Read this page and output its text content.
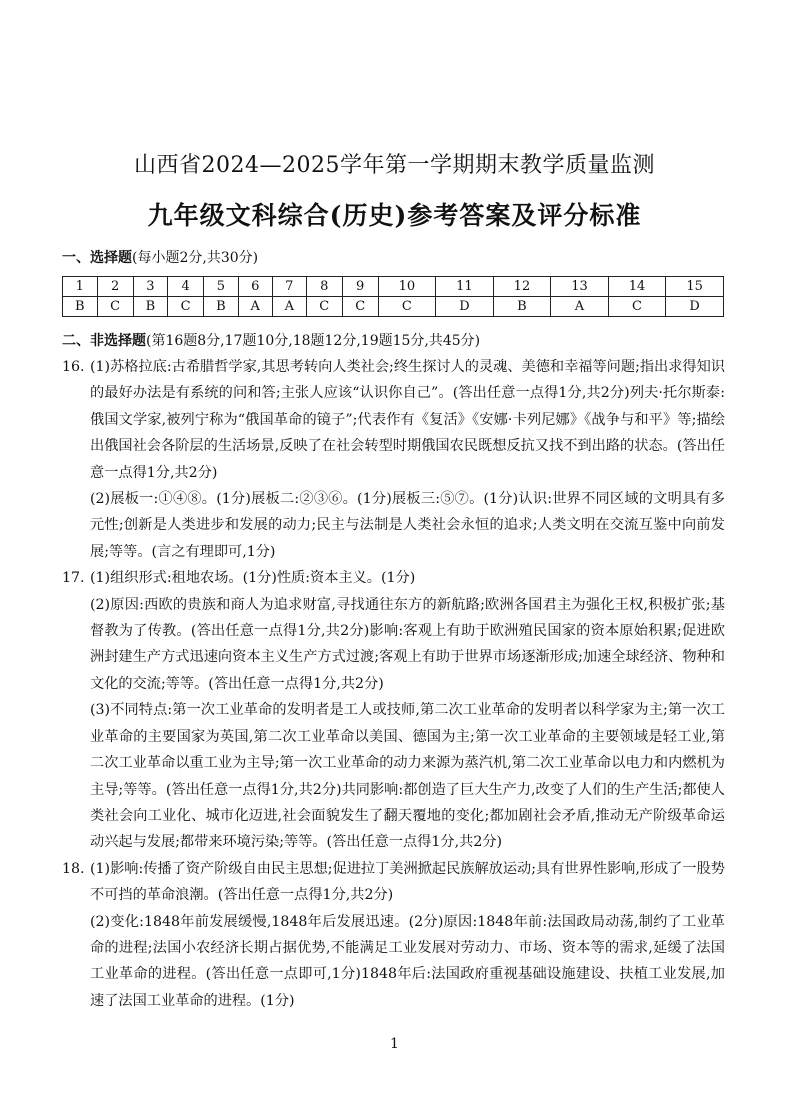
山西省2024—2025学年第一学期期末教学质量监测
九年级文科综合(历史)参考答案及评分标准
一、选择题(每小题2分,共30分)
1	2	3	4	5	6	7	8	9	10	11	12	13	14	15
B	C	B	C	B	A	A	C	C	C	D	B	A	C	D
二、非选择题(第16题8分,17题10分,18题12分,19题15分,共45分)
16. (1)苏格拉底:古希腊哲学家,其思考转向人类社会;终生探讨人的灵魂、美德和幸福等问题;指出求得知识的最好办法是有系统的问和答;主张人应该“认识你自己”。(答出任意一点得1分,共2分)列夫·托尔斯泰:俄国文学家,被列宁称为“俄国革命的镜子”;代表作有《复活》《安娜·卡列尼娜》《战争与和平》等;描绘出俄国社会各阶层的生活场景,反映了在社会转型时期俄国农民既想反抗又找不到出路的状态。(答出任意一点得1分,共2分)

(2)展板一:①④⑧。(1分)展板二:②③⑥。(1分)展板三:⑤⑦。(1分)认识:世界不同区域的文明具有多元性;创新是人类进步和发展的动力;民主与法制是人类社会永恒的追求;人类文明在交流互鉴中向前发展;等等。(言之有理即可,1分)

17. (1)组织形式:租地农场。(1分)性质:资本主义。(1分)

(2)原因:西欧的贵族和商人为追求财富,寻找通往东方的新航路;欧洲各国君主为强化王权,积极扩张;基督教为了传教。(答出任意一点得1分,共2分)影响:客观上有助于欧洲殖民国家的资本原始积累;促进欧洲封建生产方式迅速向资本主义生产方式过渡;客观上有助于世界市场逐渐形成;加速全球经济、物种和文化的交流;等等。(答出任意一点得1分,共2分)

(3)不同特点:第一次工业革命的发明者是工人或技师,第二次工业革命的发明者以科学家为主;第一次工业革命的主要国家为英国,第二次工业革命以美国、德国为主;第一次工业革命的主要领域是轻工业,第二次工业革命以重工业为主导;第一次工业革命的动力来源为蒸汽机,第二次工业革命以电力和内燃机为主导;等等。(答出任意一点得1分,共2分)共同影响:都创造了巨大生产力,改变了人们的生产生活;都使人类社会向工业化、城市化迈进,社会面貌发生了翻天覆地的变化;都加剧社会矛盾,推动无产阶级革命运动兴起与发展;都带来环境污染;等等。(答出任意一点得1分,共2分)

18. (1)影响:传播了资产阶级自由民主思想;促进拉丁美洲掀起民族解放运动;具有世界性影响,形成了一股势不可挡的革命浪潮。(答出任意一点得1分,共2分)

(2)变化:1848年前发展缓慢,1848年后发展迅速。(2分)原因:1848年前:法国政局动荡,制约了工业革命的进程;法国小农经济长期占据优势,不能满足工业发展对劳动力、市场、资本等的需求,延缓了法国工业革命的进程。(答出任意一点即可,1分)1848年后:法国政府重视基础设施建设、扶植工业发展,加速了法国工业革命的进程。(1分)

1
